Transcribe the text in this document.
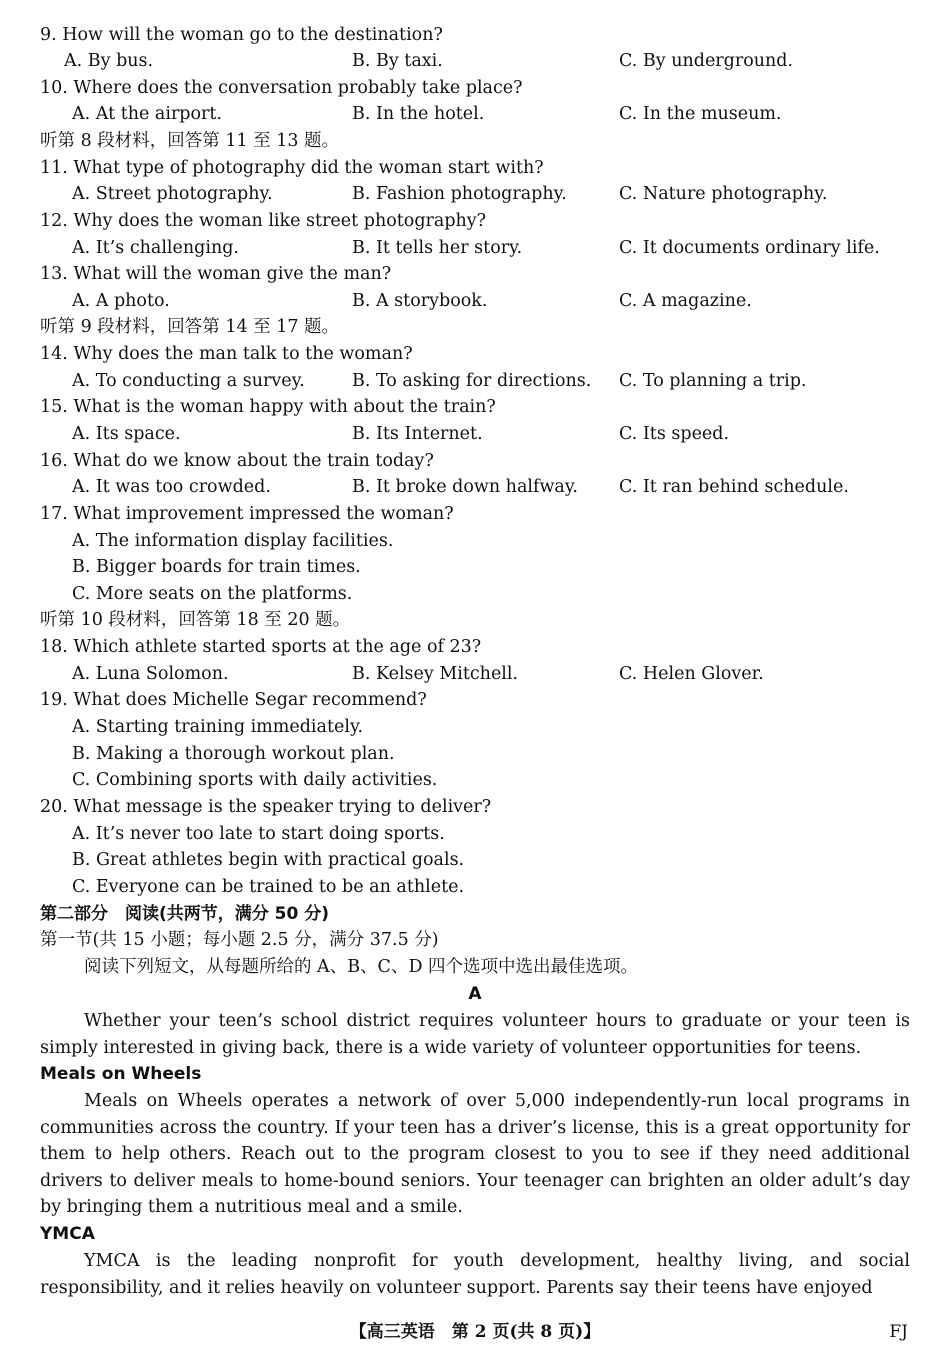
9. How will the woman go to the destination?
A. By bus.	B. By taxi.	C. By underground.
10. Where does the conversation probably take place?
A. At the airport.	B. In the hotel.	C. In the museum.
听第 8 段材料，回答第 11 至 13 题。
11. What type of photography did the woman start with?
A. Street photography.	B. Fashion photography.	C. Nature photography.
12. Why does the woman like street photography?
A. It’s challenging.	B. It tells her story.	C. It documents ordinary life.
13. What will the woman give the man?
A. A photo.	B. A storybook.	C. A magazine.
听第 9 段材料，回答第 14 至 17 题。
14. Why does the man talk to the woman?
A. To conducting a survey.	B. To asking for directions. C. To planning a trip.
15. What is the woman happy with about the train?
A. Its space.	B. Its Internet.	C. Its speed.
16. What do we know about the train today?
A. It was too crowded.	B. It broke down halfway. C. It ran behind schedule.
17. What improvement impressed the woman?
A. The information display facilities.
B. Bigger boards for train times.
C. More seats on the platforms.
听第 10 段材料，回答第 18 至 20 题。
18. Which athlete started sports at the age of 23?
A. Luna Solomon.	B. Kelsey Mitchell.	C. Helen Glover.
19. What does Michelle Segar recommend?
A. Starting training immediately.
B. Making a thorough workout plan.
C. Combining sports with daily activities.
20. What message is the speaker trying to deliver?
A. It’s never too late to start doing sports.
B. Great athletes begin with practical goals.
C. Everyone can be trained to be an athlete.
第二部分　阅读(共两节，满分 50 分)
第一节(共 15 小题；每小题 2.5 分，满分 37.5 分)
阅读下列短文，从每题所给的 A、B、C、D 四个选项中选出最佳选项。
A
Whether your teen’s school district requires volunteer hours to graduate or your teen is simply interested in giving back, there is a wide variety of volunteer opportunities for teens.
Meals on Wheels
Meals on Wheels operates a network of over 5,000 independently-run local programs in communities across the country. If your teen has a driver’s license, this is a great opportunity for them to help others. Reach out to the program closest to you to see if they need additional drivers to deliver meals to home-bound seniors. Your teenager can brighten an older adult’s day by bringing them a nutritious meal and a smile.
YMCA
YMCA is the leading nonprofit for youth development, healthy living, and social responsibility, and it relies heavily on volunteer support. Parents say their teens have enjoyed
【高三英语　第 2 页(共 8 页)】	FJ
